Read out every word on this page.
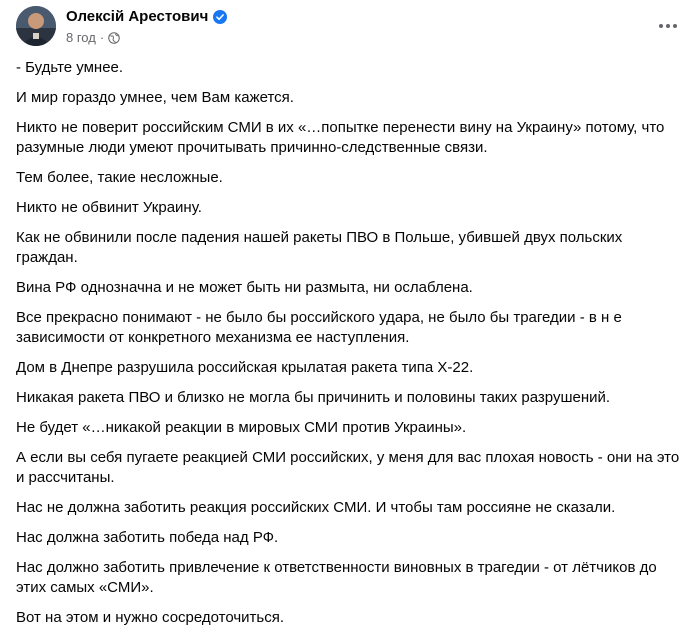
Олексій Арестович
8 год ·

- Будьте умнее.

И мир гораздо умнее, чем Вам кажется.

Никто не поверит российским СМИ в их «…попытке перенести вину на Украину» потому, что разумные люди умеют прочитывать причинно-следственные связи.

Тем более, такие несложные.

Никто не обвинит Украину.

Как не обвинили после падения нашей ракеты ПВО в Польше, убившей двух польских граждан.

Вина РФ однозначна и не может быть ни размыта, ни ослаблена.

Все прекрасно понимают - не было бы российского удара, не было бы трагедии - в н е зависимости от конкретного механизма ее наступления.

Дом в Днепре разрушила российская крылатая ракета типа Х-22.

Никакая ракета ПВО и близко не могла бы причинить и половины таких разрушений.

Не будет «…никакой реакции в мировых СМИ против Украины».

А если вы себя пугаете реакцией СМИ российских, у меня для вас плохая новость - они на это и рассчитаны.

Нас не должна заботить реакция российских СМИ. И чтобы там россияне не сказали.

Нас должна заботить победа над РФ.

Нас должно заботить привлечение к ответственности виновных в трагедии - от лётчиков до этих самых «СМИ».

Вот на этом и нужно сосредоточиться.
